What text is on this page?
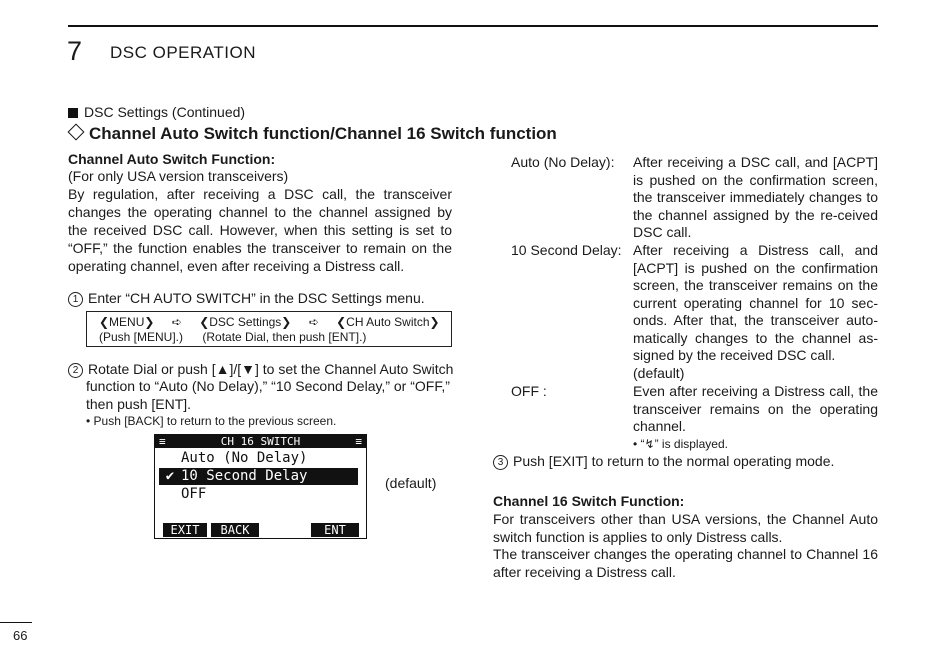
7 DSC OPERATION
DSC Settings (Continued)
Channel Auto Switch function/Channel 16 Switch function
Channel Auto Switch Function:
(For only USA version transceivers)
By regulation, after receiving a DSC call, the transceiver changes the operating channel to the channel assigned by the received DSC call. However, when this setting is set to “OFF,” the function enables the transceiver to remain on the operating channel, even after receiving a Distress call.
1 Enter “CH AUTO SWITCH” in the DSC Settings menu.
❮MENU❯ ➪ ❮DSC Settings❯ ➪ ❮CH Auto Switch❯
(Push [MENU].) (Rotate Dial, then push [ENT].)
2 Rotate Dial or push [▲]/[▼] to set the Channel Auto Switch
function to “Auto (No Delay),” “10 Second Delay,” or “OFF,”
then push [ENT].
• Push [BACK] to return to the previous screen.
≡	CH 16 SWITCH	≡
Auto (No Delay)
✔ 10 Second Delay
OFF
EXIT	BACK	ENT
(default)
Auto (No Delay): After receiving a DSC call, and [ACPT] is pushed on the confirmation screen, the transceiver immediately changes to the channel assigned by the re-ceived DSC call.
10 Second Delay: After receiving a Distress call, and [ACPT] is pushed on the confirmation screen, the transceiver remains on the current operating channel for 10 sec-onds. After that, the transceiver auto-matically changes to the channel as-signed by the received DSC call.
(default)
OFF :	Even after receiving a Distress call, the transceiver remains on the operating channel.
• “↯” is displayed.
3 Push [EXIT] to return to the normal operating mode.
Channel 16 Switch Function:
For transceivers other than USA versions, the Channel Auto switch function is applies to only Distress calls.
The transceiver changes the operating channel to Channel 16 after receiving a Distress call.
66
